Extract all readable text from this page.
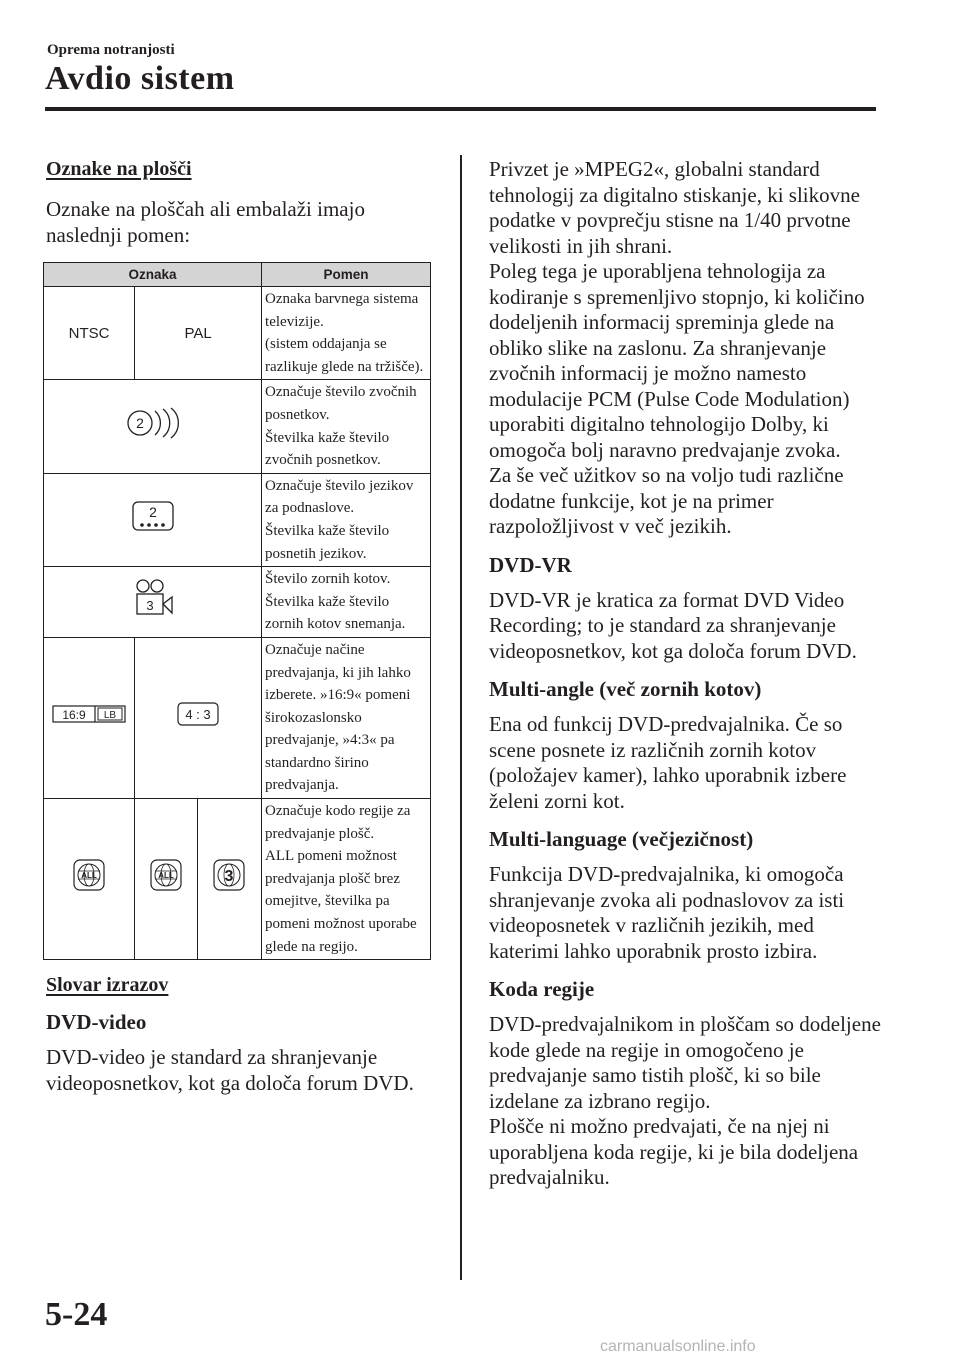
Oprema notranjosti
Avdio sistem

Oznake na plošči

Oznake na ploščah ali embalaži imajo naslednji pomen:

Oznaka			Pomen
NTSC	PAL		Oznaka barvnega sistema televizije.
(sistem oddajanja se razlikuje glede na tržišče).

2			Označuje število zvočnih posnetkov.
Številka kaže število zvočnih posnetkov.

2			Označuje število jezikov za podnaslove.
Številka kaže število posnetih jezikov.

3			Število zornih kotov.
Številka kaže število zornih kotov snemanja.

16:9 LB	4 : 3		Označuje načine predvajanja, ki jih lahko izberete. »16:9« pomeni širokozaslonsko predvajanje, »4:3« pa standardno širino predvajanja.

ALL	ALL	3	Označuje kodo regije za predvajanje plošč.
ALL pomeni možnost predvajanja plošč brez omejitve, številka pa pomeni možnost uporabe glede na regijo.

Slovar izrazov

DVD-video

DVD-video je standard za shranjevanje videoposnetkov, kot ga določa forum DVD.

Privzet je »MPEG2«, globalni standard tehnologij za digitalno stiskanje, ki slikovne podatke v povprečju stisne na 1/40 prvotne velikosti in jih shrani.

Poleg tega je uporabljena tehnologija za kodiranje s spremenljivo stopnjo, ki količino dodeljenih informacij spreminja glede na obliko slike na zaslonu. Za shranjevanje zvočnih informacij je možno namesto modulacije PCM (Pulse Code Modulation) uporabiti digitalno tehnologijo Dolby, ki omogoča bolj naravno predvajanje zvoka.

Za še več užitkov so na voljo tudi različne dodatne funkcije, kot je na primer razpoložljivost v več jezikih.

DVD-VR

DVD-VR je kratica za format DVD Video Recording; to je standard za shranjevanje videoposnetkov, kot ga določa forum DVD.

Multi-angle (več zornih kotov)

Ena od funkcij DVD-predvajalnika. Če so scene posnete iz različnih zornih kotov (položajev kamer), lahko uporabnik izbere želeni zorni kot.

Multi-language (večjezičnost)

Funkcija DVD-predvajalnika, ki omogoča shranjevanje zvoka ali podnaslovov za isti videoposnetek v različnih jezikih, med katerimi lahko uporabnik prosto izbira.

Koda regije

DVD-predvajalnikom in ploščam so dodeljene kode glede na regije in omogočeno je predvajanje samo tistih plošč, ki so bile izdelane za izbrano regijo.

Plošče ni možno predvajati, če na njej ni uporabljena koda regije, ki je bila dodeljena predvajalniku.

5-24
carmanualsonline.info
